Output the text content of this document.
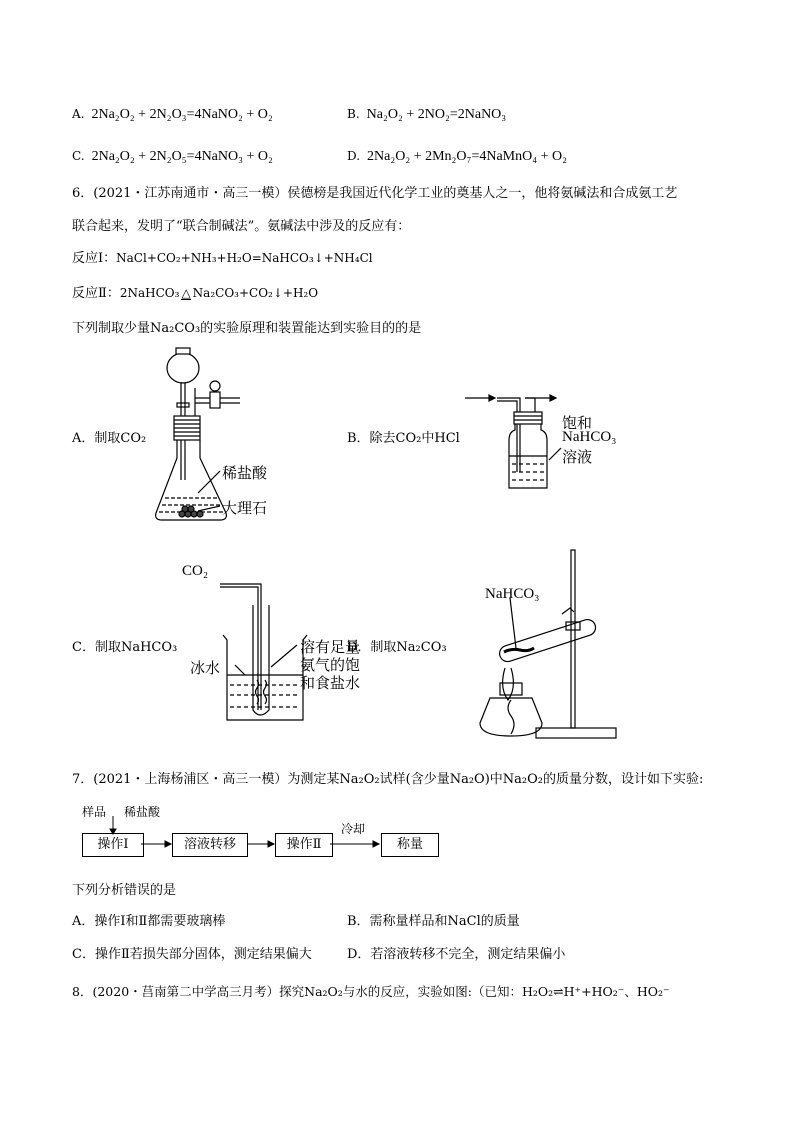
A. 2Na₂O₂ + 2N₂O₃=4NaNO₂ + O₂	B. Na₂O₂ + 2NO₂=2NaNO₃
C. 2Na₂O₂ + 2N₂O₅=4NaNO₃ + O₂	D. 2Na₂O₂ + 2Mn₂O₇=4NaMnO₄ + O₂
6．(2021・江苏南通市・高三一模）侯德榜是我国近代化学工业的奠基人之一，他将氨碱法和合成氨工艺
联合起来，发明了“联合制碱法”。氨碱法中涉及的反应有：
反应Ⅰ：NaCl+CO₂+NH₃+H₂O=NaHCO₃↓+NH₄Cl
反应Ⅱ：2NaHCO₃ △ Na₂CO₃+CO₂↓+H₂O
下列制取少量Na₂CO₃的实验原理和装置能达到实验目的的是
A．制取CO₂	B．除去CO₂中HCl
C．制取NaHCO₃	D．制取Na₂CO₃
稀盐酸
大理石
饱和
NaHCO₃
溶液
CO₂
冰水
溶有足量
氨气的饱
和食盐水
NaHCO₃
7．(2021・上海杨浦区・高三一模）为测定某Na₂O₂试样(含少量Na₂O)中Na₂O₂的质量分数，设计如下实验:
样品 稀盐酸
冷却
操作Ⅰ	溶液转移	操作Ⅱ	称量
下列分析错误的是
A．操作Ⅰ和Ⅱ都需要玻璃棒	B．需称量样品和NaCl的质量
C．操作Ⅱ若损失部分固体，测定结果偏大	D．若溶液转移不完全，测定结果偏小
8．(2020・莒南第二中学高三月考）探究Na₂O₂与水的反应，实验如图:（已知：H₂O₂⇌H⁺+HO₂⁻、HO₂⁻
